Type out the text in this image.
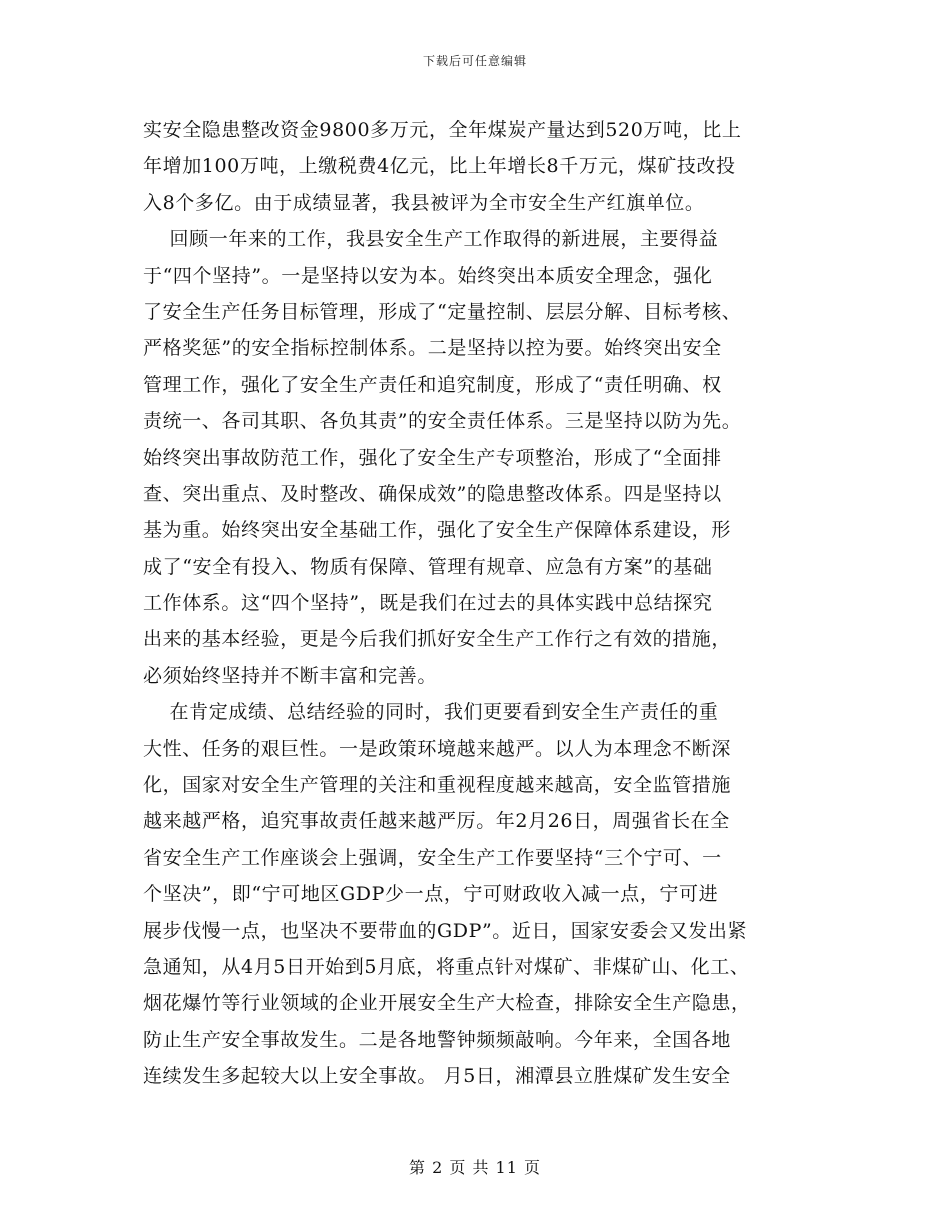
下载后可任意编辑
实安全隐患整改资金9800多万元，全年煤炭产量达到520万吨，比上
年增加100万吨，上缴税费4亿元，比上年增长8千万元，煤矿技改投
入8个多亿。由于成绩显著，我县被评为全市安全生产红旗单位。
回顾一年来的工作，我县安全生产工作取得的新进展，主要得益
于“四个坚持”。一是坚持以安为本。始终突出本质安全理念，强化
了安全生产任务目标管理，形成了“定量控制、层层分解、目标考核、
严格奖惩”的安全指标控制体系。二是坚持以控为要。始终突出安全
管理工作，强化了安全生产责任和追究制度，形成了“责任明确、权
责统一、各司其职、各负其责”的安全责任体系。三是坚持以防为先。
始终突出事故防范工作，强化了安全生产专项整治，形成了“全面排
查、突出重点、及时整改、确保成效”的隐患整改体系。四是坚持以
基为重。始终突出安全基础工作，强化了安全生产保障体系建设，形
成了“安全有投入、物质有保障、管理有规章、应急有方案”的基础
工作体系。这“四个坚持”，既是我们在过去的具体实践中总结探究
出来的基本经验，更是今后我们抓好安全生产工作行之有效的措施，
必须始终坚持并不断丰富和完善。
在肯定成绩、总结经验的同时，我们更要看到安全生产责任的重
大性、任务的艰巨性。一是政策环境越来越严。以人为本理念不断深
化，国家对安全生产管理的关注和重视程度越来越高，安全监管措施
越来越严格，追究事故责任越来越严厉。年2月26日，周强省长在全
省安全生产工作座谈会上强调，安全生产工作要坚持“三个宁可、一
个坚决”，即“宁可地区GDP少一点，宁可财政收入减一点，宁可进
展步伐慢一点，也坚决不要带血的GDP”。近日，国家安委会又发出紧
急通知，从4月5日开始到5月底，将重点针对煤矿、非煤矿山、化工、
烟花爆竹等行业领域的企业开展安全生产大检查，排除安全生产隐患，
防止生产安全事故发生。二是各地警钟频频敲响。今年来，全国各地
连续发生多起较大以上安全事故。 月5日，湘潭县立胜煤矿发生安全
第 2 页 共 11 页
